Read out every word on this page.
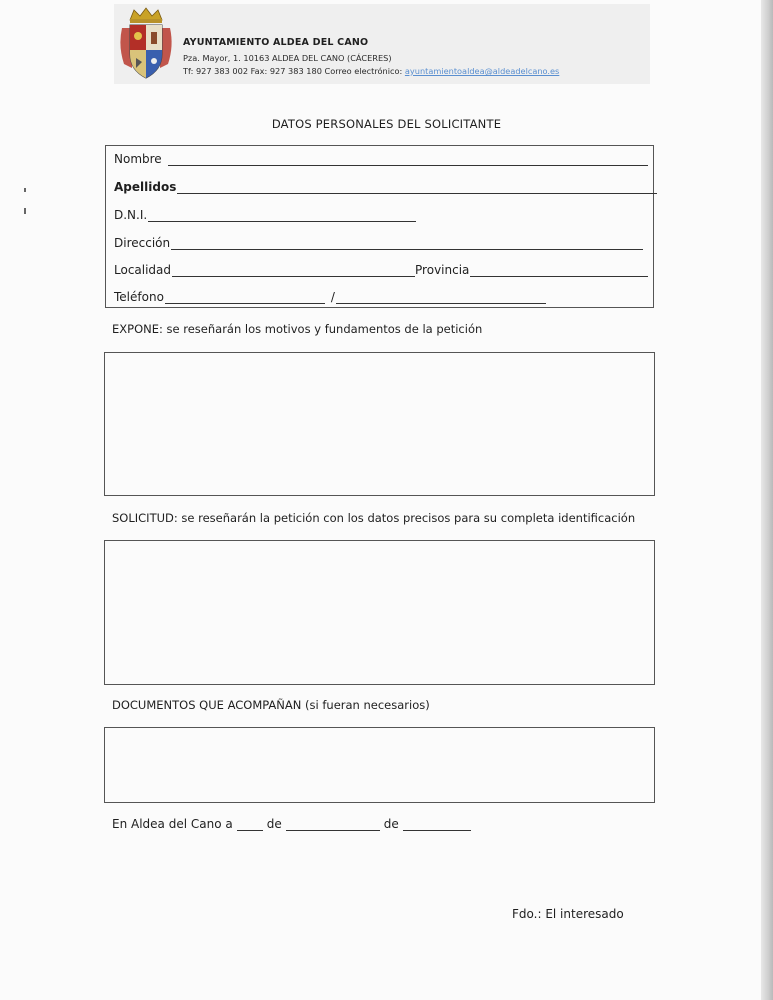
AYUNTAMIENTO ALDEA DEL CANO
Pza. Mayor, 1. 10163 ALDEA DEL CANO (CÁCERES)
Tf: 927 383 002 Fax: 927 383 180 Correo electrónico: ayuntamientoaldea@aldeadelcano.es
DATOS PERSONALES DEL SOLICITANTE
Nombre
Apellidos
D.N.I.
Dirección
Localidad	Provincia
Teléfono	/
EXPONE: se reseñarán los motivos y fundamentos de la petición
SOLICITUD: se reseñarán la petición con los datos precisos para su completa identificación
DOCUMENTOS QUE ACOMPAÑAN (si fueran necesarios)
En Aldea del Cano a	de	de
Fdo.: El interesado
